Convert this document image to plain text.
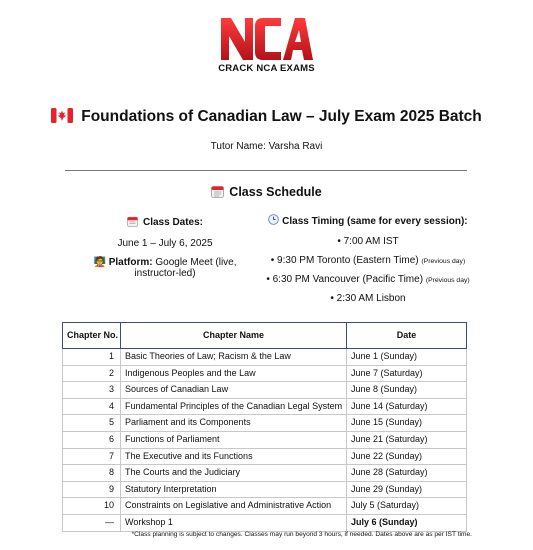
CRACK NCA EXAMS
Foundations of Canadian Law – July Exam 2025 Batch
Tutor Name: Varsha Ravi
Class Schedule
Class Dates:
June 1 – July 6, 2025
🧑‍🏫 Platform: Google Meet (live,
instructor-led)
Class Timing (same for every session):
• 7:00 AM IST
• 9:30 PM Toronto (Eastern Time) (Previous day)
• 6:30 PM Vancouver (Pacific Time) (Previous day)
• 2:30 AM Lisbon
Chapter No.	Chapter Name	Date
1	Basic Theories of Law; Racism & the Law	June 1 (Sunday)
2	Indigenous Peoples and the Law	June 7 (Saturday)
3	Sources of Canadian Law	June 8 (Sunday)
4	Fundamental Principles of the Canadian Legal System	June 14 (Saturday)
5	Parliament and its Components	June 15 (Sunday)
6	Functions of Parliament	June 21 (Saturday)
7	The Executive and its Functions	June 22 (Sunday)
8	The Courts and the Judiciary	June 28 (Saturday)
9	Statutory Interpretation	June 29 (Sunday)
10	Constraints on Legislative and Administrative Action	July 5 (Saturday)
—	Workshop 1	July 6 (Sunday)
*Class planning is subject to changes. Classes may run beyond 3 hours, if needed. Dates above are as per IST time.
